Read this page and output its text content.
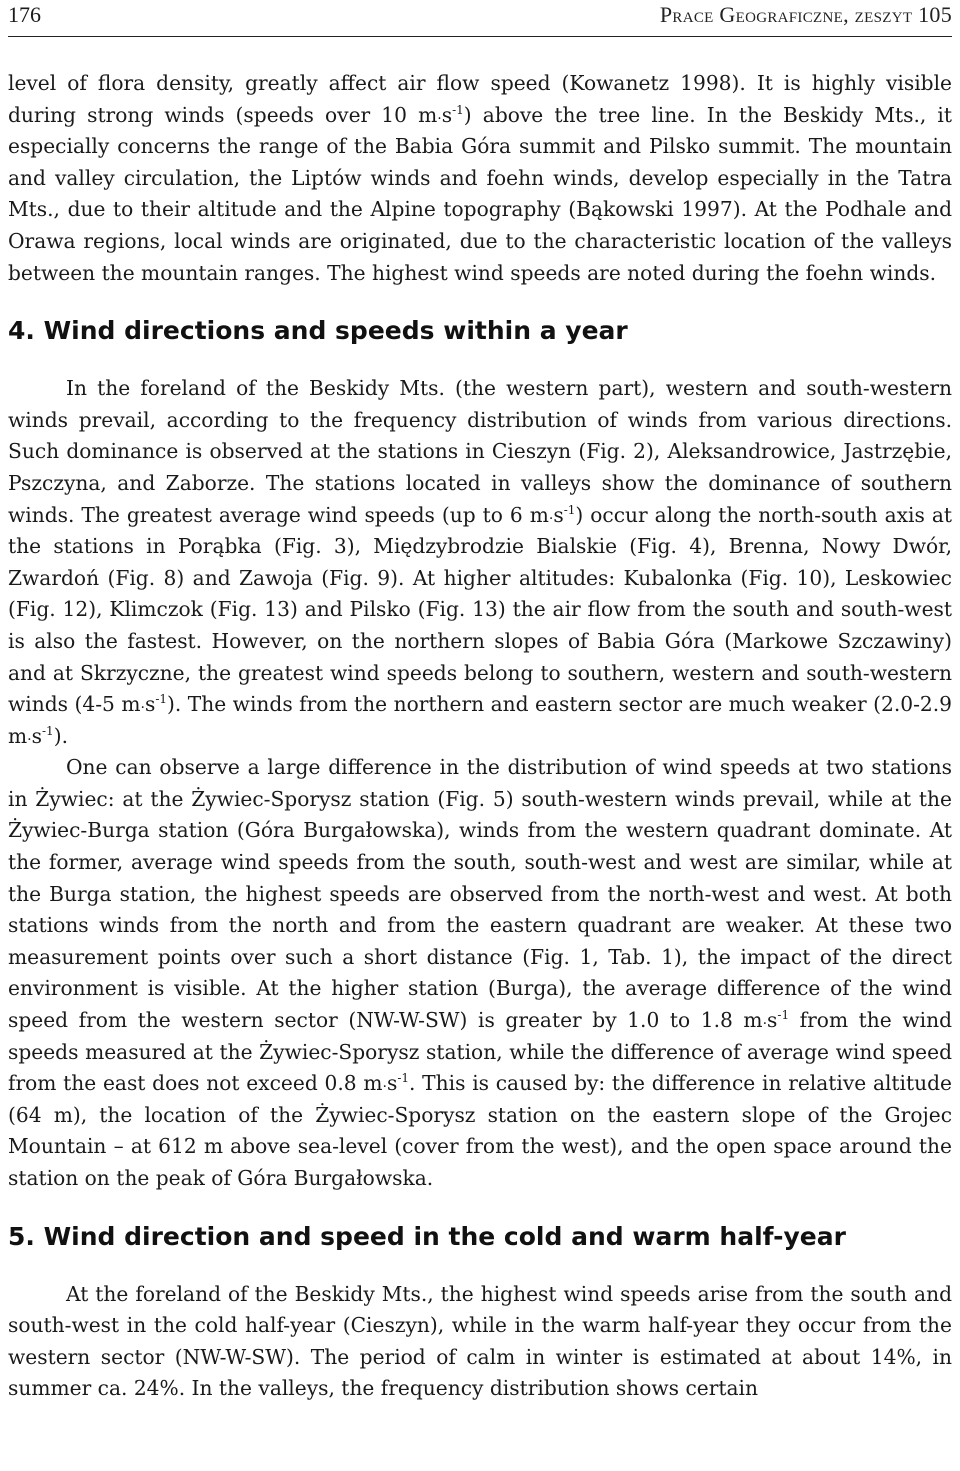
176	Prace Geograficzne, zeszyt 105

level of flora density, greatly affect air flow speed (Kowanetz 1998). It is highly visible during strong winds (speeds over 10 $m.s^{-1}$) above the tree line. In the Beskidy Mts., it especially concerns the range of the Babia Góra summit and Pilsko summit. The mountain and valley circulation, the Liptów winds and foehn winds, develop especially in the Tatra Mts., due to their altitude and the Alpine topography (Bąkowski 1997). At the Podhale and Orawa regions, local winds are originated, due to the characteristic location of the valleys between the mountain ranges. The highest wind speeds are noted during the foehn winds.

4. Wind directions and speeds within a year

In the foreland of the Beskidy Mts. (the western part), western and south-western winds prevail, according to the frequency distribution of winds from various directions. Such dominance is observed at the stations in Cieszyn (Fig. 2), Aleksandrowice, Jastrzębie, Pszczyna, and Zaborze. The stations located in valleys show the dominance of southern winds. The greatest average wind speeds (up to 6 $m.s^{-1}$) occur along the north-south axis at the stations in Porąbka (Fig. 3), Międzybrodzie Bialskie (Fig. 4), Brenna, Nowy Dwór, Zwardoń (Fig. 8) and Zawoja (Fig. 9). At higher altitudes: Kubalonka (Fig. 10), Leskowiec (Fig. 12), Klimczok (Fig. 13) and Pilsko (Fig. 13) the air flow from the south and south-west is also the fastest. However, on the northern slopes of Babia Góra (Markowe Szczawiny) and at Skrzyczne, the greatest wind speeds belong to southern, western and south-western winds (4-5 $m.s^{-1}$). The winds from the northern and eastern sector are much weaker (2.0-2.9 $m.s^{-1}$).

One can observe a large difference in the distribution of wind speeds at two stations in Żywiec: at the Żywiec-Sporysz station (Fig. 5) south-western winds prevail, while at the Żywiec-Burga station (Góra Burgałowska), winds from the western quadrant dominate. At the former, average wind speeds from the south, south-west and west are similar, while at the Burga station, the highest speeds are observed from the north-west and west. At both stations winds from the north and from the eastern quadrant are weaker. At these two measurement points over such a short distance (Fig. 1, Tab. 1), the impact of the direct environment is visible. At the higher station (Burga), the average difference of the wind speed from the western sector (NW-W-SW) is greater by 1.0 to 1.8 $m.s^{-1}$ from the wind speeds measured at the Żywiec-Sporysz station, while the difference of average wind speed from the east does not exceed 0.8 $m.s^{-1}$. This is caused by: the difference in relative altitude (64 m), the location of the Żywiec-Sporysz station on the eastern slope of the Grojec Mountain – at 612 m above sea-level (cover from the west), and the open space around the station on the peak of Góra Burgałowska.

5. Wind direction and speed in the cold and warm half-year

At the foreland of the Beskidy Mts., the highest wind speeds arise from the south and south-west in the cold half-year (Cieszyn), while in the warm half-year they occur from the western sector (NW-W-SW). The period of calm in winter is estimated at about 14%, in summer ca. 24%. In the valleys, the frequency distribution shows certain
